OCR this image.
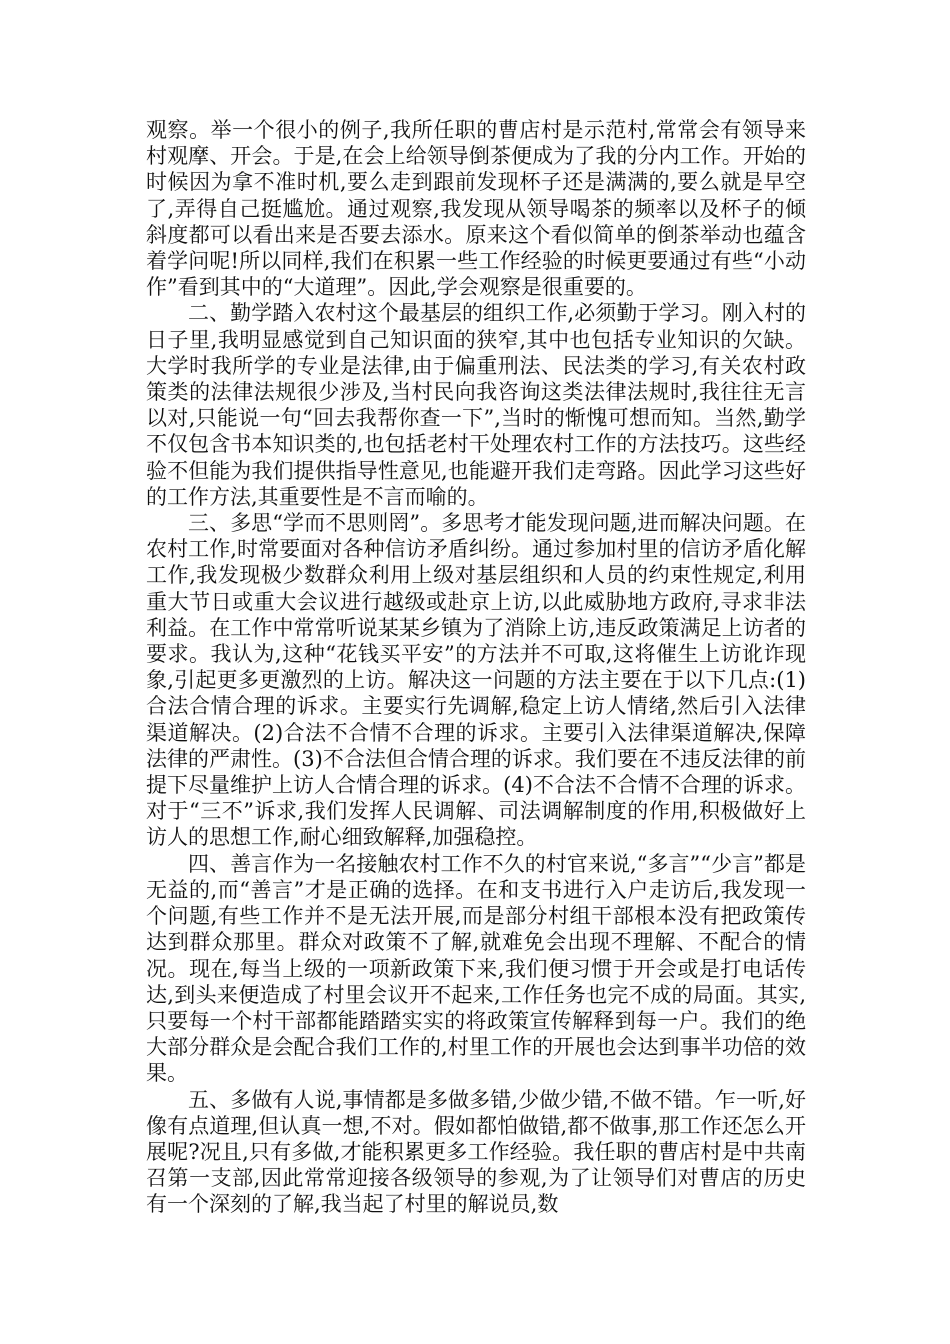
观察。举一个很小的例子,我所任职的曹店村是示范村,常常会有领导来村观摩、开会。于是,在会上给领导倒茶便成为了我的分内工作。开始的时候因为拿不准时机,要么走到跟前发现杯子还是满满的,要么就是早空了,弄得自己挺尴尬。通过观察,我发现从领导喝茶的频率以及杯子的倾斜度都可以看出来是否要去添水。原来这个看似简单的倒茶举动也蕴含着学问呢!所以同样,我们在积累一些工作经验的时候更要通过有些“小动作”看到其中的“大道理”。因此,学会观察是很重要的。

二、勤学踏入农村这个最基层的组织工作,必须勤于学习。刚入村的日子里,我明显感觉到自己知识面的狭窄,其中也包括专业知识的欠缺。大学时我所学的专业是法律,由于偏重刑法、民法类的学习,有关农村政策类的法律法规很少涉及,当村民向我咨询这类法律法规时,我往往无言以对,只能说一句“回去我帮你查一下”,当时的惭愧可想而知。当然,勤学不仅包含书本知识类的,也包括老村干处理农村工作的方法技巧。这些经验不但能为我们提供指导性意见,也能避开我们走弯路。因此学习这些好的工作方法,其重要性是不言而喻的。

三、多思“学而不思则罔”。多思考才能发现问题,进而解决问题。在农村工作,时常要面对各种信访矛盾纠纷。通过参加村里的信访矛盾化解工作,我发现极少数群众利用上级对基层组织和人员的约束性规定,利用重大节日或重大会议进行越级或赴京上访,以此威胁地方政府,寻求非法利益。在工作中常常听说某某乡镇为了消除上访,违反政策满足上访者的要求。我认为,这种“花钱买平安”的方法并不可取,这将催生上访讹诈现象,引起更多更激烈的上访。解决这一问题的方法主要在于以下几点:(1)合法合情合理的诉求。主要实行先调解,稳定上访人情绪,然后引入法律渠道解决。(2)合法不合情不合理的诉求。主要引入法律渠道解决,保障法律的严肃性。(3)不合法但合情合理的诉求。我们要在不违反法律的前提下尽量维护上访人合情合理的诉求。(4)不合法不合情不合理的诉求。对于“三不”诉求,我们发挥人民调解、司法调解制度的作用,积极做好上访人的思想工作,耐心细致解释,加强稳控。

四、善言作为一名接触农村工作不久的村官来说,“多言”“少言”都是无益的,而“善言”才是正确的选择。在和支书进行入户走访后,我发现一个问题,有些工作并不是无法开展,而是部分村组干部根本没有把政策传达到群众那里。群众对政策不了解,就难免会出现不理解、不配合的情况。现在,每当上级的一项新政策下来,我们便习惯于开会或是打电话传达,到头来便造成了村里会议开不起来,工作任务也完不成的局面。其实,只要每一个村干部都能踏踏实实的将政策宣传解释到每一户。我们的绝大部分群众是会配合我们工作的,村里工作的开展也会达到事半功倍的效果。

五、多做有人说,事情都是多做多错,少做少错,不做不错。乍一听,好像有点道理,但认真一想,不对。假如都怕做错,都不做事,那工作还怎么开展呢?况且,只有多做,才能积累更多工作经验。我任职的曹店村是中共南召第一支部,因此常常迎接各级领导的参观,为了让领导们对曹店的历史有一个深刻的了解,我当起了村里的解说员,数
